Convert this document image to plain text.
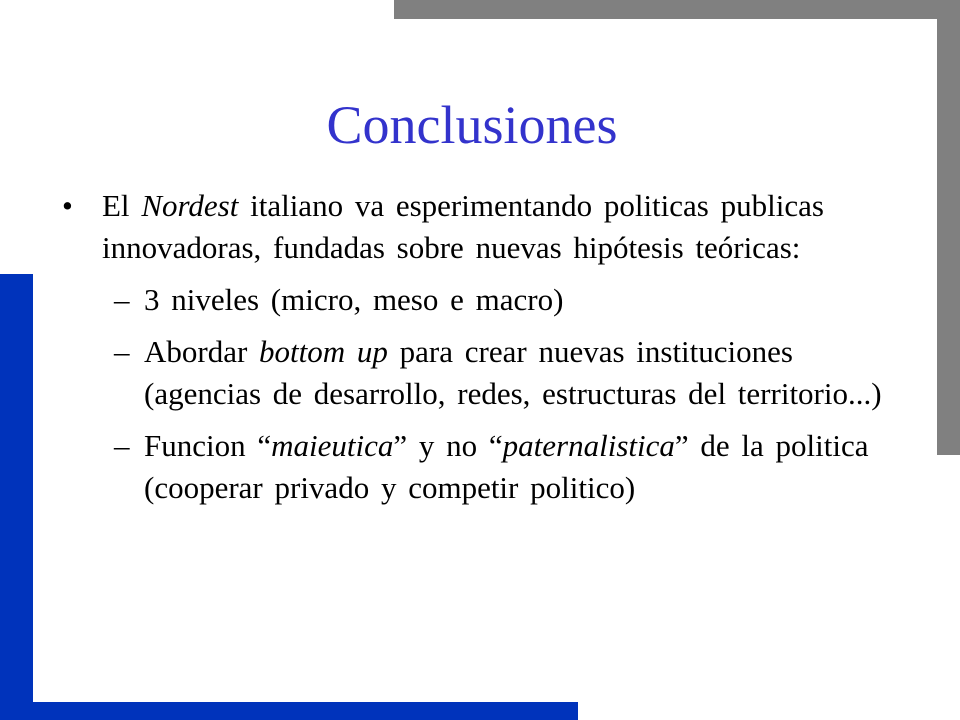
Conclusiones
• El Nordest italiano va esperimentando politicas publicas innovadoras, fundadas sobre nuevas hipótesis teóricas:
– 3 niveles (micro, meso e macro)
– Abordar bottom up para crear nuevas instituciones (agencias de desarrollo, redes, estructuras del territorio...)
– Funcion “maieutica” y no “paternalistica” de la politica (cooperar privado y competir politico)
